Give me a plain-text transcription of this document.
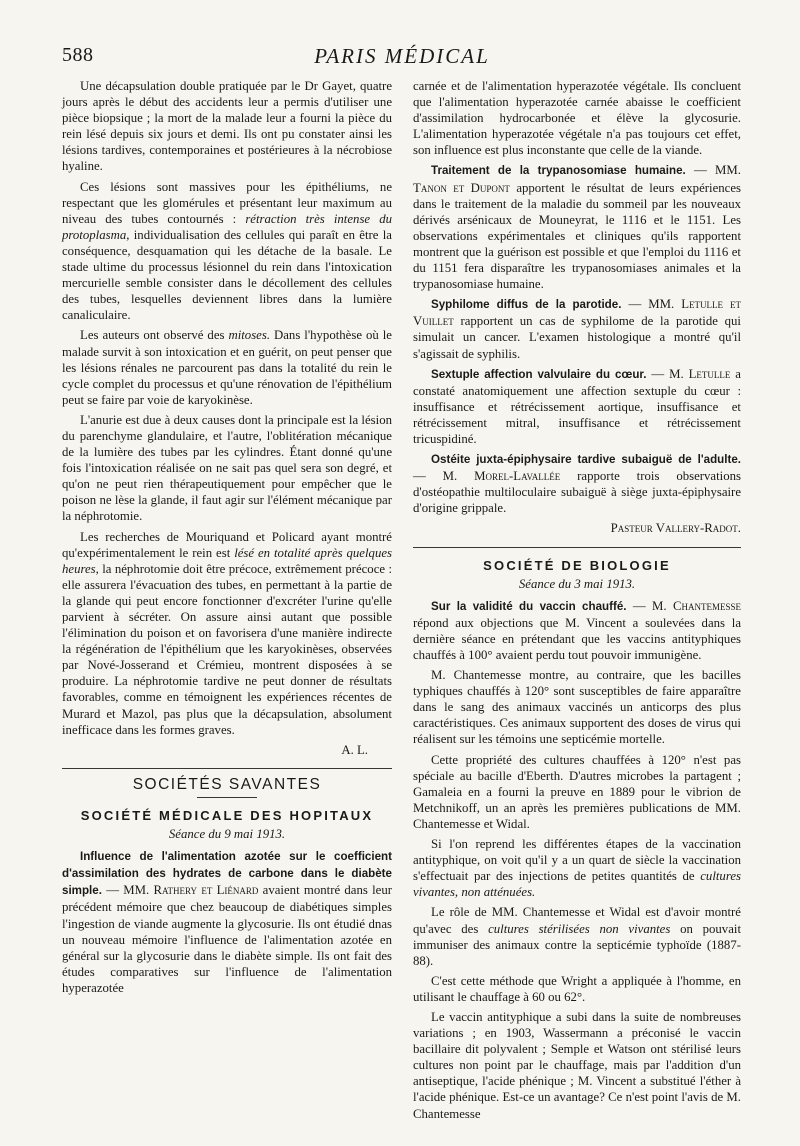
588	PARIS MÉDICAL

Une décapsulation double pratiquée par le Dr Gayet, quatre jours après le début des accidents leur a permis d'utiliser une pièce biopsique ; la mort de la malade leur a fourni la pièce du rein lésé depuis six jours et demi. Ils ont pu constater ainsi les lésions tardives, contemporaines et postérieures à la nécrobiose hyaline.

Ces lésions sont massives pour les épithéliums, ne respectant que les glomérules et présentant leur maximum au niveau des tubes contournés : rétraction très intense du protoplasma, individualisation des cellules qui paraît en être la conséquence, desquamation qui les détache de la basale. Le stade ultime du processus lésionnel du rein dans l'intoxication mercurielle semble consister dans le décollement des cellules des tubes, lesquelles deviennent libres dans la lumière canaliculaire.

Les auteurs ont observé des mitoses. Dans l'hypothèse où le malade survit à son intoxication et en guérit, on peut penser que les lésions rénales ne parcourent pas dans la totalité du rein le cycle complet du processus et qu'une rénovation de l'épithélium peut se faire par voie de karyokinèse.

L'anurie est due à deux causes dont la principale est la lésion du parenchyme glandulaire, et l'autre, l'oblitération mécanique de la lumière des tubes par les cylindres. Étant donné qu'une fois l'intoxication réalisée on ne sait pas quel sera son degré, et qu'on ne peut rien thérapeutiquement pour empêcher que le poison ne lèse la glande, il faut agir sur l'élément mécanique par la néphrotomie.

Les recherches de Mouriquand et Policard ayant montré qu'expérimentalement le rein est lésé en totalité après quelques heures, la néphrotomie doit être précoce, extrêmement précoce : elle assurera l'évacuation des tubes, en permettant à la partie de la glande qui peut encore fonctionner d'excréter l'urine qu'elle parvient à sécréter. On assure ainsi autant que possible l'élimination du poison et on favorisera d'une manière indirecte la régénération de l'épithélium que les karyokinèses, observées par Nové-Josserand et Crémieu, montrent disposées à se produire. La néphrotomie tardive ne peut donner de résultats favorables, comme en témoignent les expériences récentes de Murard et Mazol, pas plus que la décapsulation, absolument inefficace dans les formes graves.

A. L.

SOCIÉTÉS SAVANTES
SOCIÉTÉ MÉDICALE DES HOPITAUX
Séance du 9 mai 1913.

Influence de l'alimentation azotée sur le coefficient d'assimilation des hydrates de carbone dans le diabète simple. — MM. Rathery et Liénard avaient montré dans leur précédent mémoire que chez beaucoup de diabétiques simples l'ingestion de viande augmente la glycosurie. Ils ont étudié dnas un nouveau mémoire l'influence de l'alimentation azotée en général sur la glycosurie dans le diabète simple. Ils ont fait des études comparatives sur l'influence de l'alimentation hyperazotée

carnée et de l'alimentation hyperazotée végétale. Ils concluent que l'alimentation hyperazotée carnée abaisse le coefficient d'assimilation hydrocarbonée et élève la glycosurie. L'alimentation hyperazotée végétale n'a pas toujours cet effet, son influence est plus inconstante que celle de la viande.

Traitement de la trypanosomiase humaine. — MM. Tanon et Dupont apportent le résultat de leurs expériences dans le traitement de la maladie du sommeil par les nouveaux dérivés arsénicaux de Mouneyrat, le 1116 et le 1151. Les observations expérimentales et cliniques qu'ils rapportent montrent que la guérison est possible et que l'emploi du 1116 et du 1151 fera disparaître les trypanosomiases animales et la trypanosomiase humaine.

Syphilome diffus de la parotide. — MM. Letulle et Vuillet rapportent un cas de syphilome de la parotide qui simulait un cancer. L'examen histologique a montré qu'il s'agissait de syphilis.

Sextuple affection valvulaire du cœur. — M. Letulle a constaté anatomiquement une affection sextuple du cœur : insuffisance et rétrécissement aortique, insuffisance et rétrécissement mitral, insuffisance et rétrécissement tricuspidiné.

Ostéite juxta-épiphysaire tardive subaiguë de l'adulte. — M. Morel-Lavallée rapporte trois observations d'ostéopathie multiloculaire subaiguë à siège juxta-épiphysaire d'origine grippale.

Pasteur Vallery-Radot.

SOCIÉTÉ DE BIOLOGIE
Séance du 3 mai 1913.

Sur la validité du vaccin chauffé. — M. Chantemesse répond aux objections que M. Vincent a soulevées dans la dernière séance en prétendant que les vaccins antityphiques chauffés à 100° avaient perdu tout pouvoir immunigène.

M. Chantemesse montre, au contraire, que les bacilles typhiques chauffés à 120° sont susceptibles de faire apparaître dans le sang des animaux vaccinés un anticorps des plus caractéristiques. Ces animaux supportent des doses de virus qui réalisent sur les témoins une septicémie mortelle.

Cette propriété des cultures chauffées à 120° n'est pas spéciale au bacille d'Eberth. D'autres microbes la partagent ; Gamaleia en a fourni la preuve en 1889 pour le vibrion de Metchnikoff, un an après les premières publications de MM. Chantemesse et Widal.

Si l'on reprend les différentes étapes de la vaccination antityphique, on voit qu'il y a un quart de siècle la vaccination s'effectuait par des injections de petites quantités de cultures vivantes, non atténuées.

Le rôle de MM. Chantemesse et Widal est d'avoir montré qu'avec des cultures stérilisées non vivantes on pouvait immuniser des animaux contre la septicémie typhoïde (1887-88).

C'est cette méthode que Wright a appliquée à l'homme, en utilisant le chauffage à 60 ou 62°.

Le vaccin antityphique a subi dans la suite de nombreuses variations ; en 1903, Wassermann a préconisé le vaccin bacillaire dit polyvalent ; Semple et Watson ont stérilisé leurs cultures non point par le chauffage, mais par l'addition d'un antiseptique, l'acide phénique ; M. Vincent a substitué l'éther à l'acide phénique. Est-ce un avantage? Ce n'est point l'avis de M. Chantemesse
